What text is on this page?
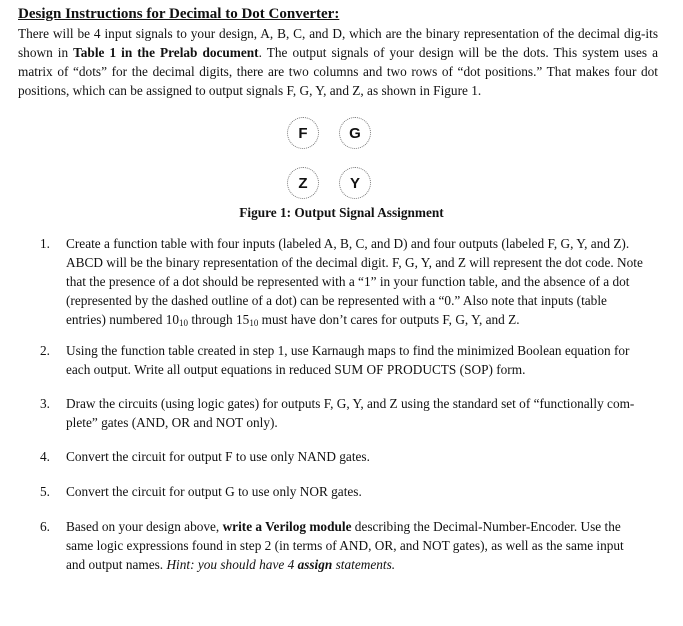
Design Instructions for Decimal to Dot Converter:

There will be 4 input signals to your design, A, B, C, and D, which are the binary representation of the decimal dig-its shown in Table 1 in the Prelab document. The output signals of your design will be the dots. This system uses a matrix of “dots” for the decimal digits, there are two columns and two rows of “dot positions.” That makes four dot positions, which can be assigned to output signals F, G, Y, and Z, as shown in Figure 1.

F	G
Z	Y

Figure 1: Output Signal Assignment

1. Create a function table with four inputs (labeled A, B, C, and D) and four outputs (labeled F, G, Y, and Z). ABCD will be the binary representation of the decimal digit. F, G, Y, and Z will represent the dot code. Note that the presence of a dot should be represented with a “1” in your function table, and the absence of a dot (represented by the dashed outline of a dot) can be represented with a “0.” Also note that inputs (table entries) numbered $10_{10}$ through $15_{10}$ must have don’t cares for outputs F, G, Y, and Z.
2. Using the function table created in step 1, use Karnaugh maps to find the minimized Boolean equation for each output. Write all output equations in reduced SUM OF PRODUCTS (SOP) form.
3. Draw the circuits (using logic gates) for outputs F, G, Y, and Z using the standard set of “functionally com-plete” gates (AND, OR and NOT only).
4. Convert the circuit for output F to use only NAND gates.
5. Convert the circuit for output G to use only NOR gates.
6. Based on your design above, write a Verilog module describing the Decimal-Number-Encoder. Use the same logic expressions found in step 2 (in terms of AND, OR, and NOT gates), as well as the same input and output names. Hint: you should have 4 assign statements.
